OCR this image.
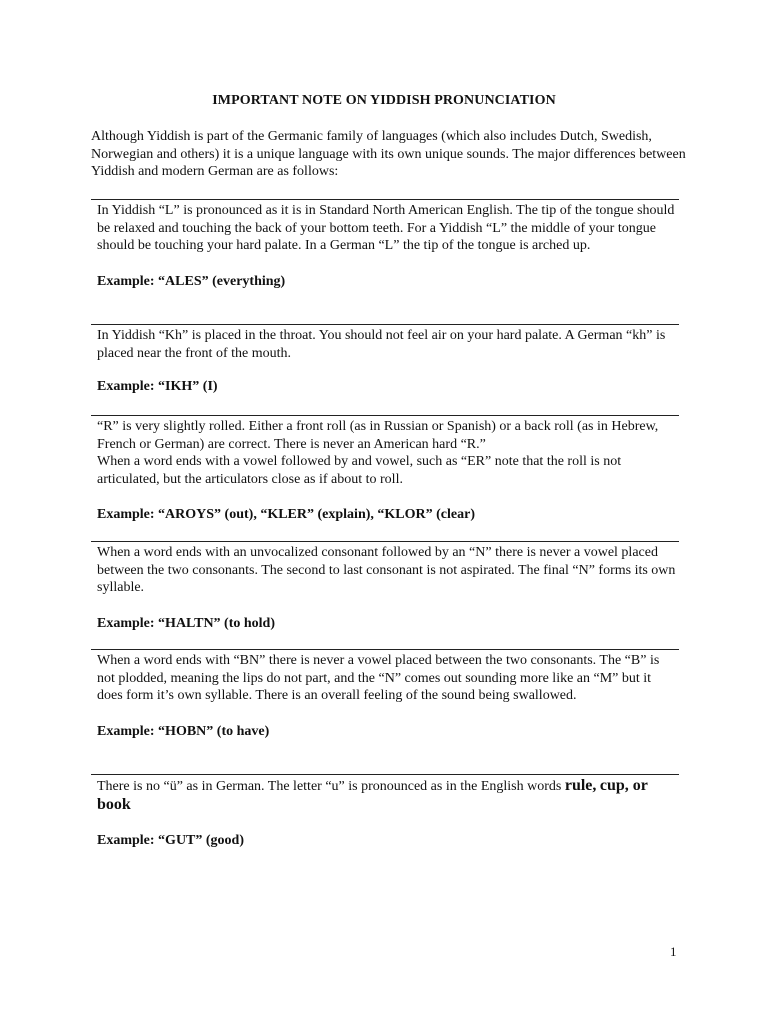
IMPORTANT NOTE ON YIDDISH PRONUNCIATION
Although Yiddish is part of the Germanic family of languages (which also includes Dutch, Swedish, Norwegian and others) it is a unique language with its own unique sounds. The major differences between Yiddish and modern German are as follows:

In Yiddish “L” is pronounced as it is in Standard North American English. The tip of the tongue should be relaxed and touching the back of your bottom teeth. For a Yiddish “L” the middle of your tongue should be touching your hard palate. In a German “L” the tip of the tongue is arched up.

Example: “ALES” (everything)

In Yiddish “Kh” is placed in the throat. You should not feel air on your hard palate. A German “kh” is placed near the front of the mouth.

Example: “IKH” (I)

“R” is very slightly rolled. Either a front roll (as in Russian or Spanish) or a back roll (as in Hebrew, French or German) are correct. There is never an American hard “R.”

When a word ends with a vowel followed by and vowel, such as “ER” note that the roll is not articulated, but the articulators close as if about to roll.

Example: “AROYS” (out), “KLER” (explain), “KLOR” (clear)

When a word ends with an unvocalized consonant followed by an “N” there is never a vowel placed between the two consonants. The second to last consonant is not aspirated. The final “N” forms its own syllable.

Example: “HALTN” (to hold)

When a word ends with “BN” there is never a vowel placed between the two consonants. The “B” is not plodded, meaning the lips do not part, and the “N” comes out sounding more like an “M” but it does form it’s own syllable. There is an overall feeling of the sound being swallowed.

Example: “HOBN” (to have)

There is no “ü” as in German. The letter “u” is pronounced as in the English words rule, cup, or book

Example: “GUT” (good)
1
